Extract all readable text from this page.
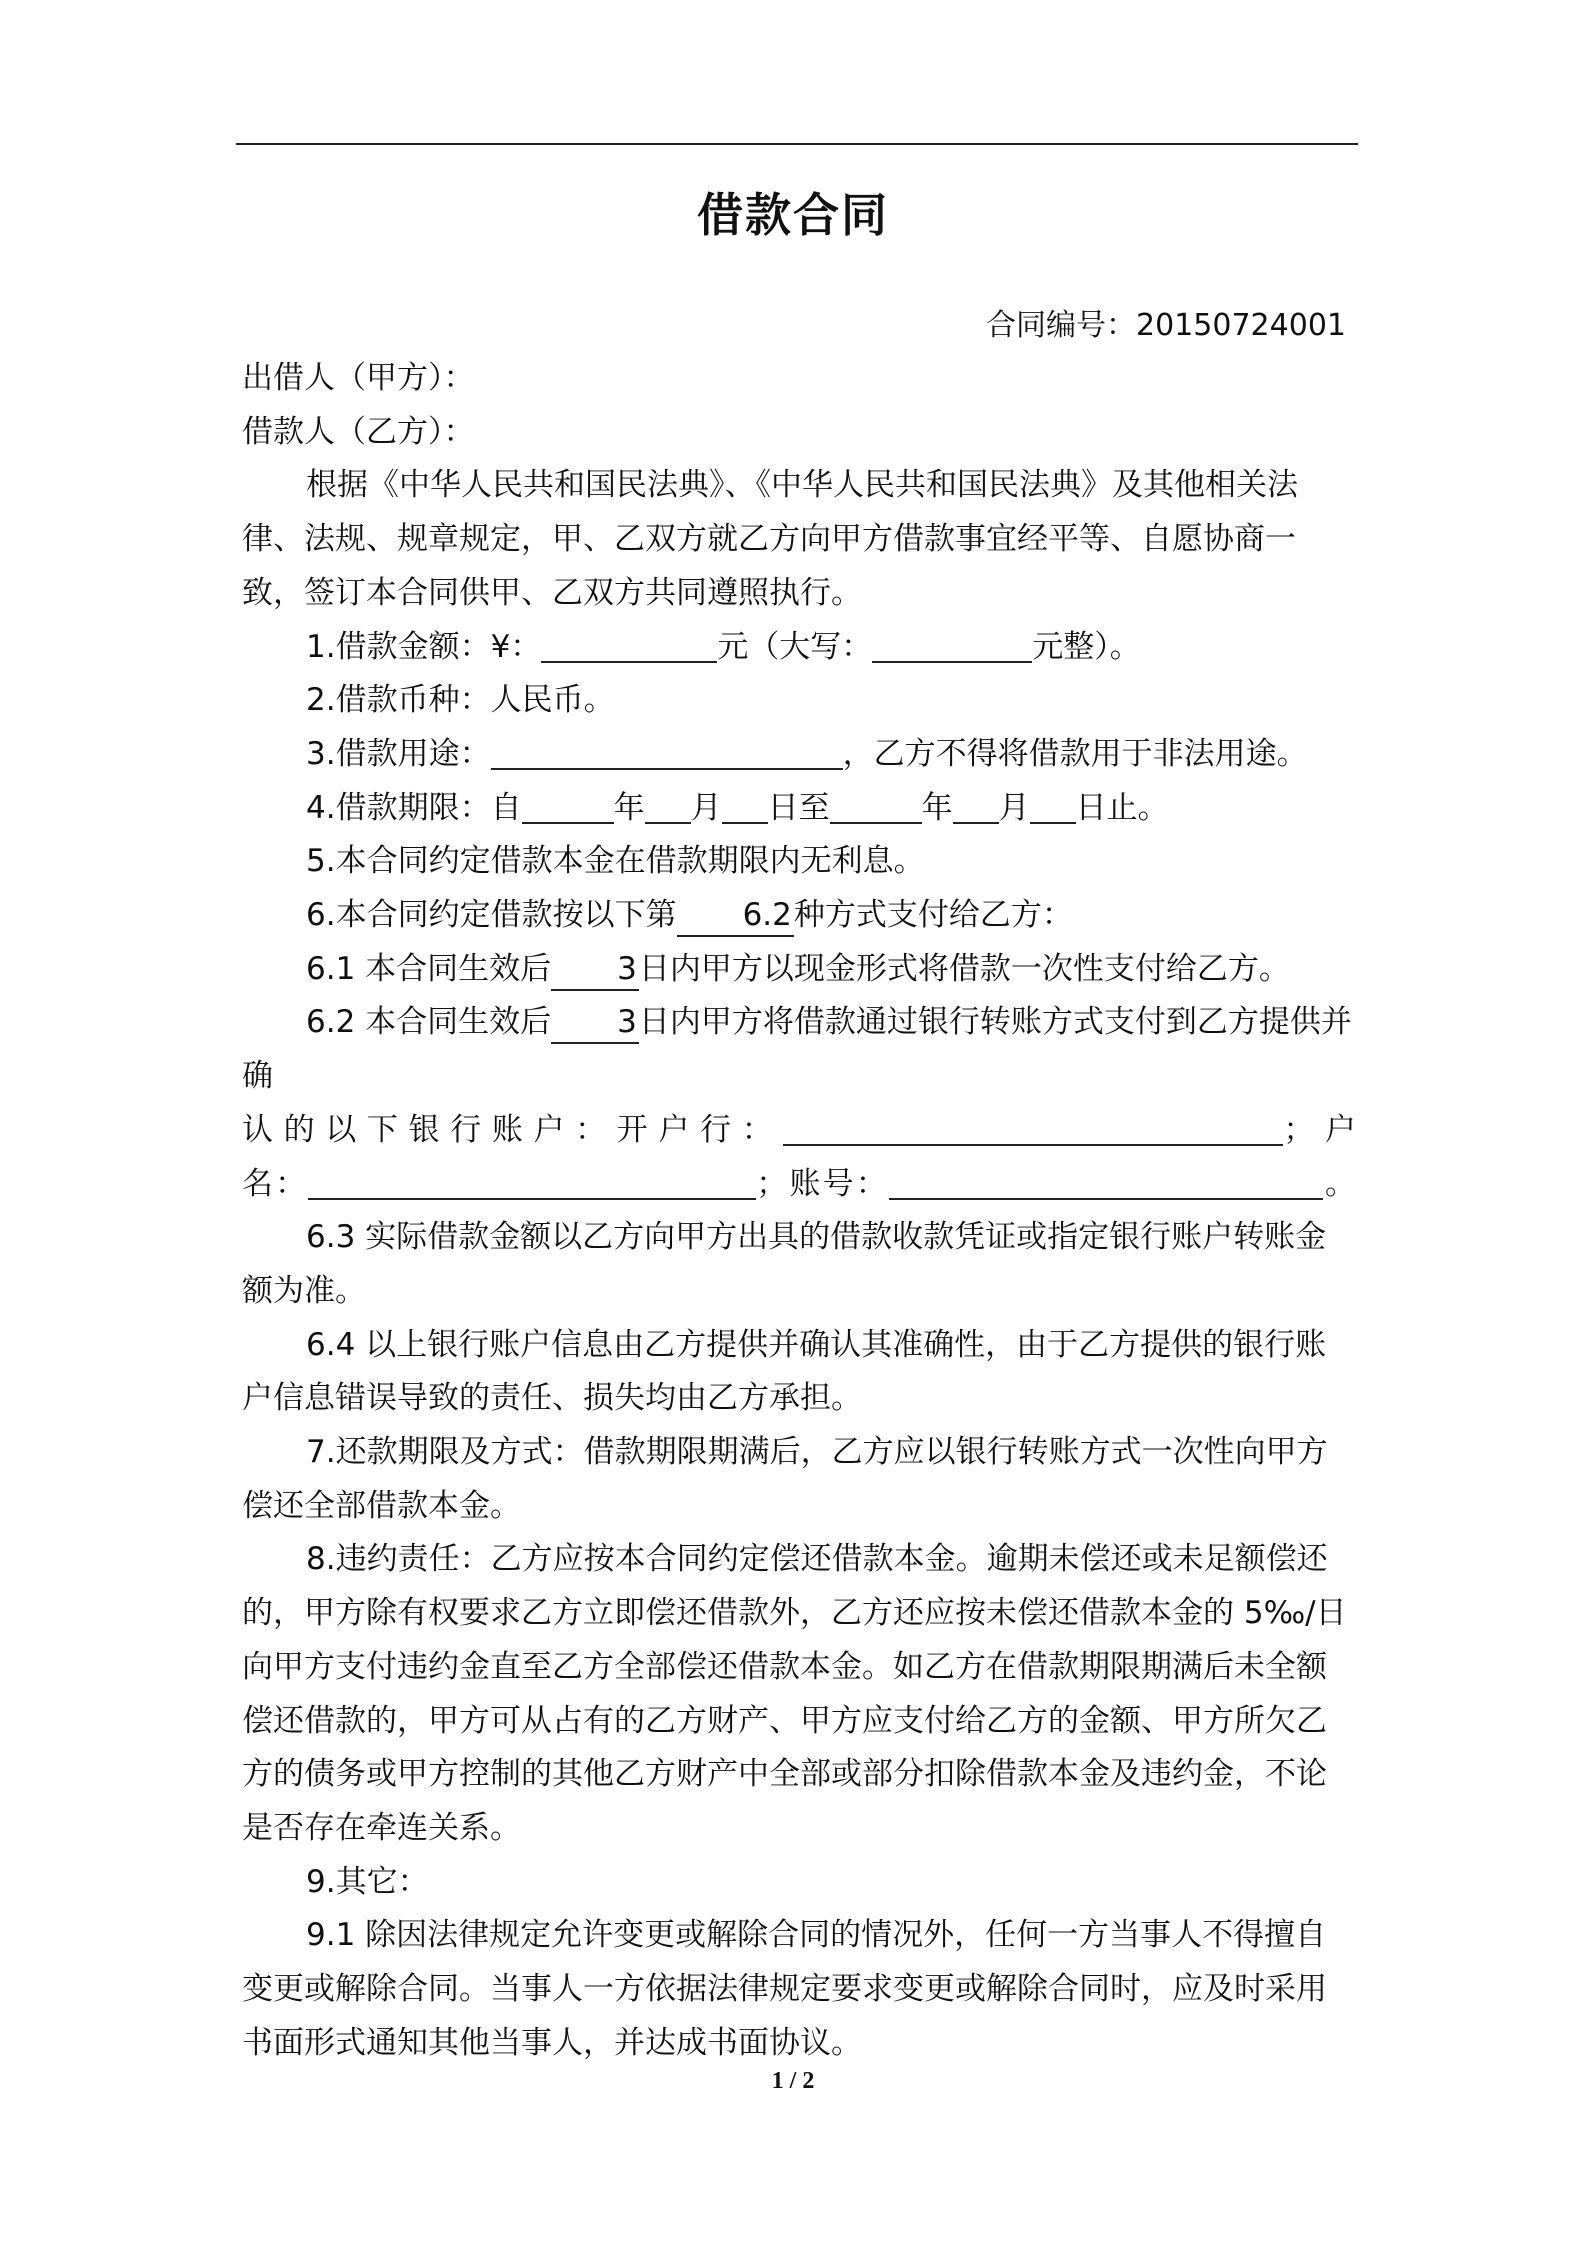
借款合同
合同编号：20150724001

出借人（甲方）：

借款人（乙方）：

根据《中华人民共和国民法典》、《中华人民共和国民法典》及其他相关法律、法规、规章规定，甲、乙双方就乙方向甲方借款事宜经平等、自愿协商一致，签订本合同供甲、乙双方共同遵照执行。

1.借款金额：¥：	元（大写：	元整）。

2.借款币种：人民币。

3.借款用途：	，乙方不得将借款用于非法用途。

4.借款期限：自	年 月 日至	年 月 日止。

5.本合同约定借款本金在借款期限内无利息。

6.本合同约定借款按以下第 6.2种方式支付给乙方：

6.1 本合同生效后 3日内甲方以现金形式将借款一次性支付给乙方。

6.2 本合同生效后 3日内甲方将借款通过银行转账方式支付到乙方提供并确

认的以下银行账户：开户行：	；户

名：	；账号：	。

6.3 实际借款金额以乙方向甲方出具的借款收款凭证或指定银行账户转账金额为准。

6.4 以上银行账户信息由乙方提供并确认其准确性，由于乙方提供的银行账户信息错误导致的责任、损失均由乙方承担。

7.还款期限及方式：借款期限期满后，乙方应以银行转账方式一次性向甲方偿还全部借款本金。

8.违约责任：乙方应按本合同约定偿还借款本金。逾期未偿还或未足额偿还的，甲方除有权要求乙方立即偿还借款外，乙方还应按未偿还借款本金的 5‰/日向甲方支付违约金直至乙方全部偿还借款本金。如乙方在借款期限期满后未全额偿还借款的，甲方可从占有的乙方财产、甲方应支付给乙方的金额、甲方所欠乙方的债务或甲方控制的其他乙方财产中全部或部分扣除借款本金及违约金，不论是否存在牵连关系。

9.其它：

9.1 除因法律规定允许变更或解除合同的情况外，任何一方当事人不得擅自变更或解除合同。当事人一方依据法律规定要求变更或解除合同时，应及时采用书面形式通知其他当事人，并达成书面协议。

1 / 2
